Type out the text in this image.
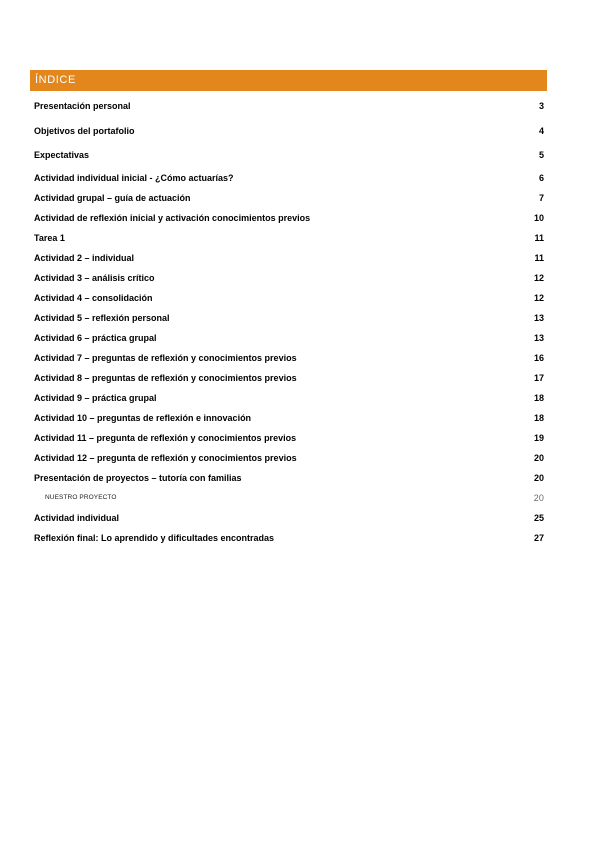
ÍNDICE
Presentación personal	3
Objetivos del portafolio	4
Expectativas	5
Actividad individual inicial - ¿Cómo actuarías?	6
Actividad grupal – guía de actuación	7
Actividad de reflexión inicial y activación conocimientos previos	10
Tarea 1	11
Actividad 2 – individual	11
Actividad 3 – análisis crítico	12
Actividad 4 – consolidación	12
Actividad 5 – reflexión personal	13
Actividad 6 – práctica grupal	13
Actividad 7 – preguntas de reflexión y conocimientos previos	16
Actividad 8 – preguntas de reflexión y conocimientos previos	17
Actividad 9 – práctica grupal	18
Actividad 10 – preguntas de reflexión e innovación	18
Actividad 11 – pregunta de reflexión y conocimientos previos	19
Actividad 12 – pregunta de reflexión y conocimientos previos	20
Presentación de proyectos – tutoría con familias	20
NUESTRO PROYECTO	20
Actividad individual	25
Reflexión final: Lo aprendido y dificultades encontradas	27
